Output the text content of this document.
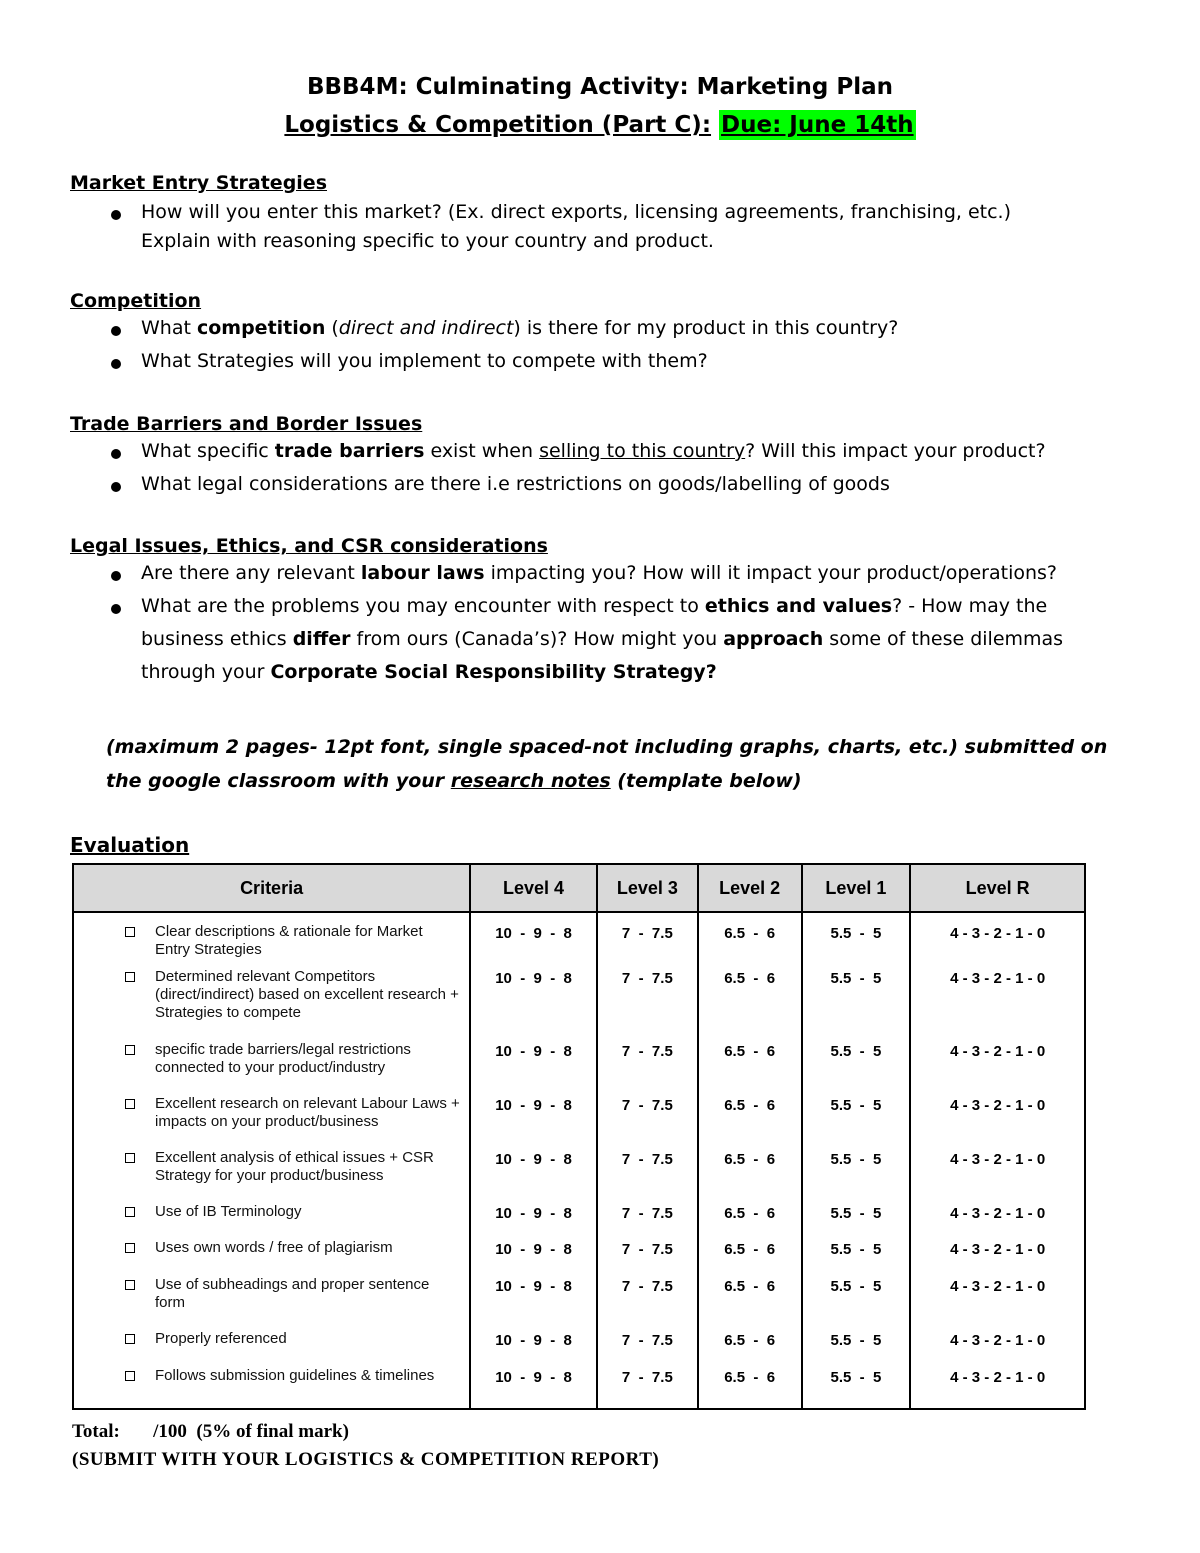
BBB4M: Culminating Activity: Marketing Plan
Logistics & Competition (Part C): Due: June 14th
Market Entry Strategies
How will you enter this market? (Ex. direct exports, licensing agreements, franchising, etc.)
Explain with reasoning specific to your country and product.
Competition
What competition (direct and indirect) is there for my product in this country?
What Strategies will you implement to compete with them?
Trade Barriers and Border Issues
What specific trade barriers exist when selling to this country? Will this impact your product?
What legal considerations are there i.e restrictions on goods/labelling of goods
Legal Issues, Ethics, and CSR considerations
Are there any relevant labour laws impacting you? How will it impact your product/operations?
What are the problems you may encounter with respect to ethics and values? - How may the business ethics differ from ours (Canada’s)? How might you approach some of these dilemmas through your Corporate Social Responsibility Strategy?
(maximum 2 pages- 12pt font, single spaced-not including graphs, charts, etc.) submitted on the google classroom with your research notes (template below)
Evaluation
Criteria	Level 4	Level 3	Level 2	Level 1	Level R

Clear descriptions & rationale for Market Entry Strategies	10  -  9  -  8	7  -  7.5	6.5  -  6	5.5  -  5	4 - 3 - 2 - 1 - 0

Determined relevant Competitors (direct/indirect) based on excellent research + Strategies to compete	10  -  9  -  8	7  -  7.5	6.5  -  6	5.5  -  5	4 - 3 - 2 - 1 - 0

specific trade barriers/legal restrictions connected to your product/industry	10  -  9  -  8	7  -  7.5	6.5  -  6	5.5  -  5	4 - 3 - 2 - 1 - 0

Excellent research on relevant Labour Laws + impacts on your product/business	10  -  9  -  8	7  -  7.5	6.5  -  6	5.5  -  5	4 - 3 - 2 - 1 - 0

Excellent analysis of ethical issues + CSR Strategy for your product/business	10  -  9  -  8	7  -  7.5	6.5  -  6	5.5  -  5	4 - 3 - 2 - 1 - 0

Use of IB Terminology	10  -  9  -  8	7  -  7.5	6.5  -  6	5.5  -  5	4 - 3 - 2 - 1 - 0

Uses own words / free of plagiarism	10  -  9  -  8	7  -  7.5	6.5  -  6	5.5  -  5	4 - 3 - 2 - 1 - 0

Use of subheadings and proper sentence form	10  -  9  -  8	7  -  7.5	6.5  -  6	5.5  -  5	4 - 3 - 2 - 1 - 0

Properly referenced	10  -  9  -  8	7  -  7.5	6.5  -  6	5.5  -  5	4 - 3 - 2 - 1 - 0

Follows submission guidelines & timelines	10  -  9  -  8	7  -  7.5	6.5  -  6	5.5  -  5	4 - 3 - 2 - 1 - 0
Total:       /100  (5% of final mark)
(SUBMIT WITH YOUR LOGISTICS & COMPETITION REPORT)
